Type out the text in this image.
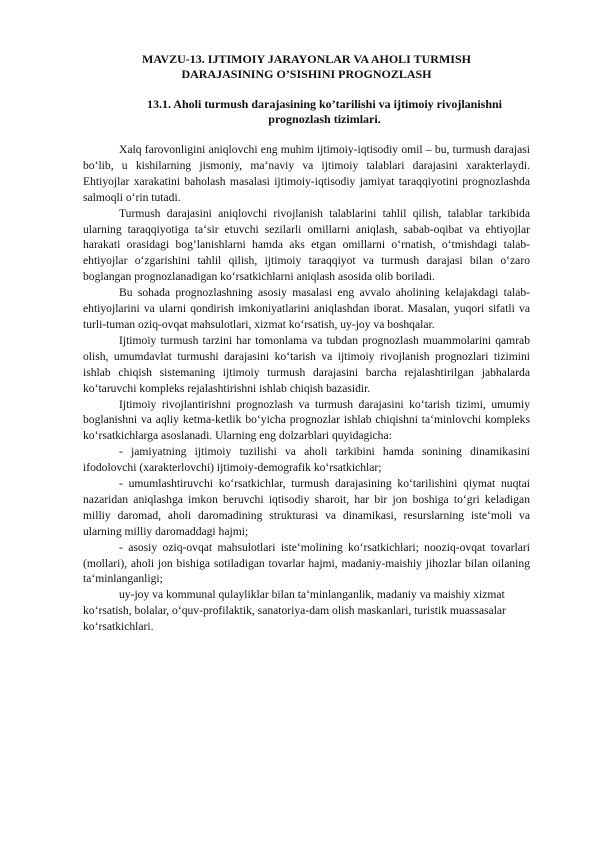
MAVZU-13. IJTIMOIY JARAYONLAR VA AHOLI TURMISH DARAJASINING O’SISHINI PROGNOZLASH
13.1. Aholi turmush darajasining ko’tarilishi va ijtimoiy rivojlanishni prognozlash tizimlari.

Xalq farovonligini aniqlovchi eng muhim ijtimoiy-iqtisodiy omil – bu, turmush darajasi bo‘lib, u kishilarning jismoniy, ma‘naviy va ijtimoiy talablari darajasini xarakterlaydi. Ehtiyojlar xarakatini baholash masalasi ijtimoiy-iqtisodiy jamiyat taraqqiyotini prognozlashda salmoqli o‘rin tutadi.

Turmush darajasini aniqlovchi rivojlanish talablarini tahlil qilish, talablar tarkibida ularning taraqqiyotiga ta‘sir etuvchi sezilarli omillarni aniqlash, sabab-oqibat va ehtiyojlar harakati orasidagi bog’lanishlarni hamda aks etgan omillarni o‘rnatish, o‘tmishdagi talab-ehtiyojlar o‘zgarishini tahlil qilish, ijtimoiy taraqqiyot va turmush darajasi bilan o‘zaro boglangan prognozlanadigan ko‘rsatkichlarni aniqlash asosida olib boriladi.

Bu sohada prognozlashning asosiy masalasi eng avvalo aholining kelajakdagi talab-ehtiyojlarini va ularni qondirish imkoniyatlarini aniqlashdan iborat. Masalan, yuqori sifatli va turli-tuman oziq-ovqat mahsulotlari, xizmat ko‘rsatish, uy-joy va boshqalar.

Ijtimoiy turmush tarzini har tomonlama va tubdan prognozlash muammolarini qamrab olish, umumdavlat turmushi darajasini ko‘tarish va ijtimoiy rivojlanish prognozlari tizimini ishlab chiqish sistemaning ijtimoiy turmush darajasini barcha rejalashtirilgan jabhalarda ko‘taruvchi kompleks rejalashtirishni ishlab chiqish bazasidir.

Ijtimoiy rivojlantirishni prognozlash va turmush darajasini ko‘tarish tizimi, umumiy boglanishni va aqliy ketma-ketlik bo‘yicha prognozlar ishlab chiqishni ta‘minlovchi kompleks ko‘rsatkichlarga asoslanadi. Ularning eng dolzarblari quyidagicha:

- jamiyatning ijtimoiy tuzilishi va aholi tarkibini hamda sonining dinamikasini ifodolovchi (xarakterlovchi) ijtimoiy-demografik ko‘rsatkichlar;

- umumlashtiruvchi ko‘rsatkichlar, turmush darajasining ko‘tarilishini qiymat nuqtai nazaridan aniqlashga imkon beruvchi iqtisodiy sharoit, har bir jon boshiga to‘gri keladigan milliy daromad, aholi daromadining strukturasi va dinamikasi, resurslarning iste‘moli va ularning milliy daromaddagi hajmi;

- asosiy oziq-ovqat mahsulotlari iste‘molining ko‘rsatkichlari; nooziq-ovqat tovarlari (mollari), aholi jon bishiga sotiladigan tovarlar hajmi, madaniy-maishiy jihozlar bilan oilaning ta‘minlanganligi;

uy-joy va kommunal qulayliklar bilan ta‘minlanganlik, madaniy va maishiy xizmat ko‘rsatish, bolalar, o‘quv-profilaktik, sanatoriya-dam olish maskanlari, turistik muassasalar ko‘rsatkichlari.
